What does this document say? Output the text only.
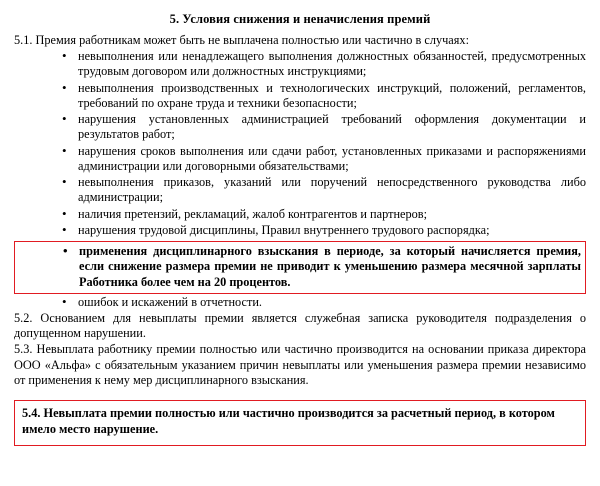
5. Условия снижения и неначисления премий

5.1. Премия работникам может быть не выплачена полностью или частично в случаях:

• невыполнения или ненадлежащего выполнения должностных обязанностей, предусмотренных трудовым договором или должностных инструкциями;
• невыполнения производственных и технологических инструкций, положений, регламентов, требований по охране труда и техники безопасности;
• нарушения установленных администрацией требований оформления документации и результатов работ;
• нарушения сроков выполнения или сдачи работ, установленных приказами и распоряжениями администрации или договорными обязательствами;
• невыполнения приказов, указаний или поручений непосредственного руководства либо администрации;
• наличия претензий, рекламаций, жалоб контрагентов и партнеров;
• нарушения трудовой дисциплины, Правил внутреннего трудового распорядка;
• применения дисциплинарного взыскания в периоде, за который начисляется премия, если снижение размера премии не приводит к уменьшению размера месячной зарплаты Работника более чем на 20 процентов.
• ошибок и искажений в отчетности.

5.2. Основанием для невыплаты премии является служебная записка руководителя подразделения о допущенном нарушении.

5.3. Невыплата работнику премии полностью или частично производится на основании приказа директора ООО «Альфа» с обязательным указанием причин невыплаты или уменьшения размера премии независимо от применения к нему мер дисциплинарного взыскания.

5.4. Невыплата премии полностью или частично производится за расчетный период, в котором имело место нарушение.
